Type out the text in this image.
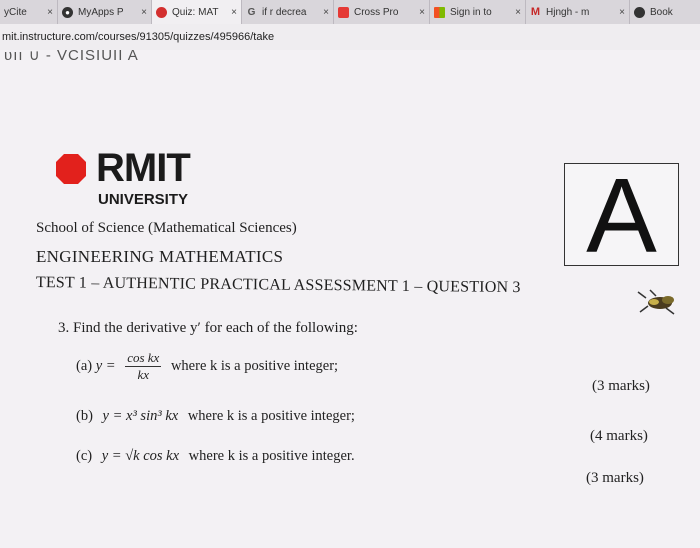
yCite	×	● MyApps P	×	Quiz: MAT	× G if r decrea	×	Cross Pro	×	Sign in to	× M Hjngh - m	×	Book
mit.instructure.com/courses/91305/quizzes/495966/take
υıı ∪ - VCISIUII A
RMIT
UNIVERSITY	A
School of Science (Mathematical Sciences)
ENGINEERING MATHEMATICS
TEST 1 – AUTHENTIC PRACTICAL ASSESSMENT 1 – QUESTION 3
3. Find the derivative y′ for each of the following:
(a) $y = \frac{\text{cos kx}}{kx}$ where k is a positive integer;
(3 marks)
(b) y = x³ sin³ kx where k is a positive integer;
(4 marks)
(c) y = √k cos kx where k is a positive integer.
(3 marks)
